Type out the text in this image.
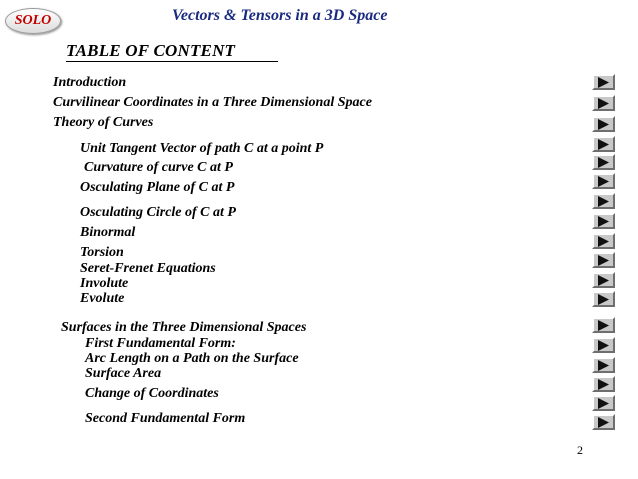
SOLO	Vectors & Tensors in a 3D Space
TABLE OF CONTENT
Introduction
Curvilinear Coordinates in a Three Dimensional Space
Theory of Curves
Unit Tangent Vector of path C at a point P
Curvature of curve C at P
Osculating Plane of C at P
Osculating Circle of C at P
Binormal
Torsion
Seret-Frenet Equations
Involute
Evolute
Surfaces in the Three Dimensional Spaces
First Fundamental Form:
Arc Length on a Path on the Surface
Surface Area
Change of Coordinates
Second Fundamental Form
2
